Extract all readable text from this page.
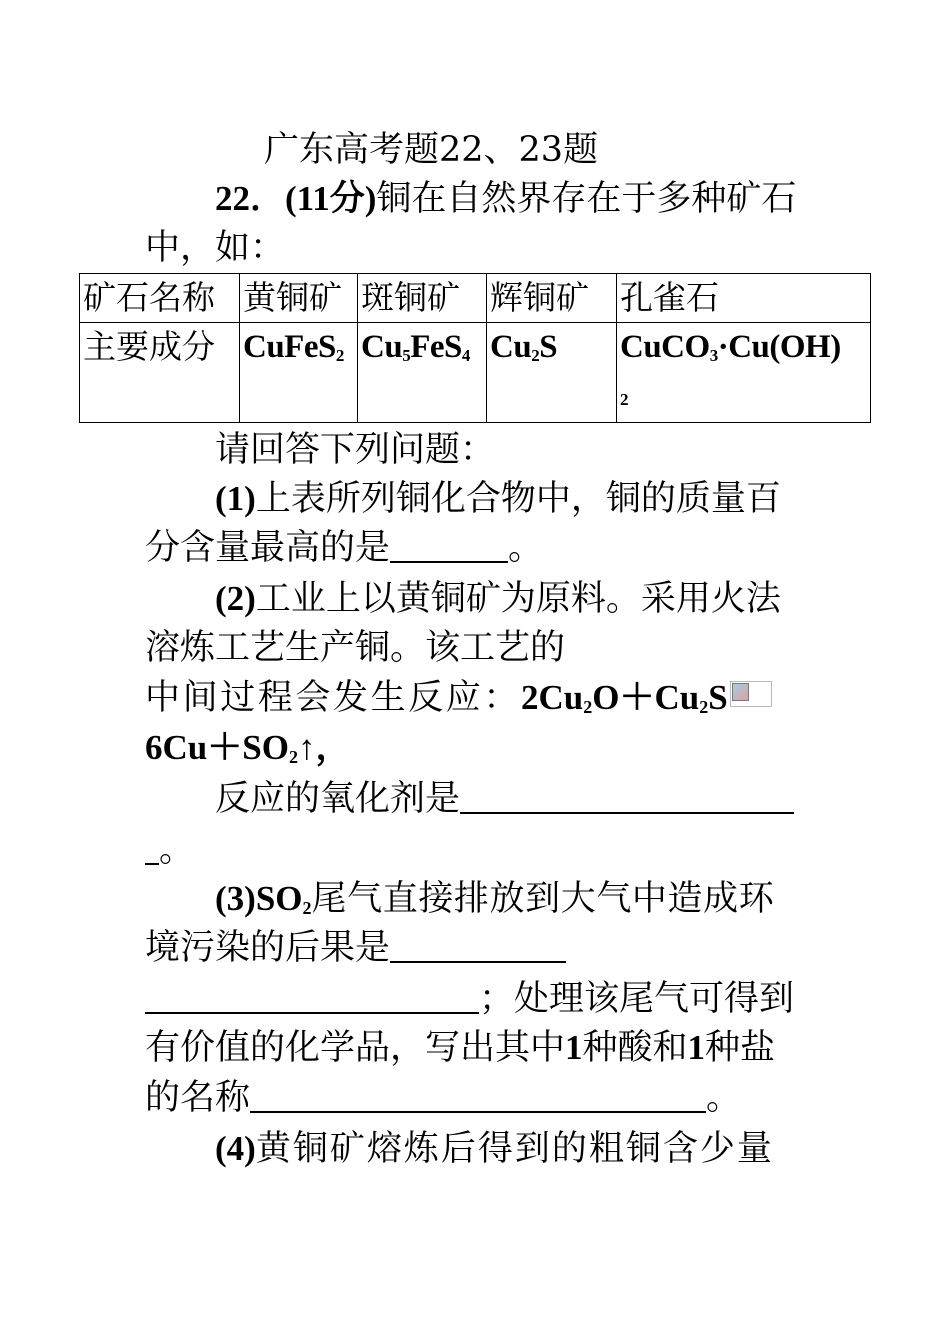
广东高考题22、23题
22．(11分)铜在自然界存在于多种矿石
中，如：
矿石名称	黄铜矿	斑铜矿	辉铜矿	孔雀石
主要成分	CuFeS$_2$	$Cu_5FeS_4$	$Cu_2S$	CuCO$_3$·Cu(OH)
2
请回答下列问题：
(1)上表所列铜化合物中，铜的质量百
分含量最高的是	。
(2)工业上以黄铜矿为原料。采用火法
溶炼工艺生产铜。该工艺的
中间过程会发生反应：$2Cu_2O+Cu_2S$
$6Cu+SO_2↑$，
反应的氧化剂是
。
$(3)SO_2$尾气直接排放到大气中造成环
境污染的后果是
；处理该尾气可得到
有价值的化学品，写出其中1种酸和1种盐
的名称	。
(4)黄铜矿熔炼后得到的粗铜含少量
